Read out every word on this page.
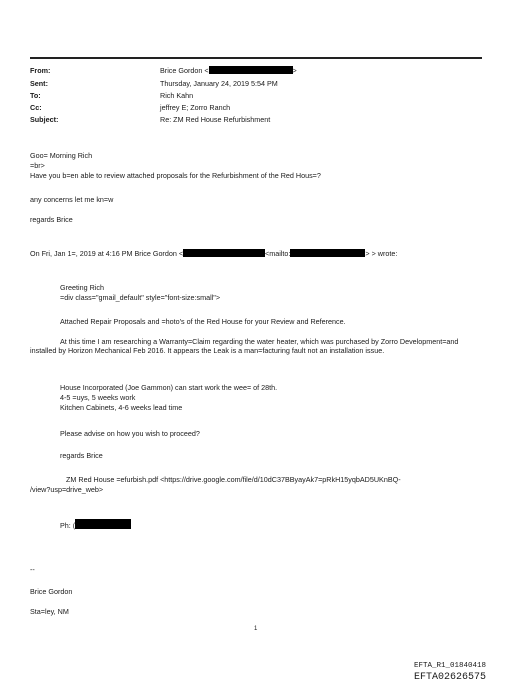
From:	Brice Gordon <	>
Sent:	Thursday, January 24, 2019 5:54 PM
To:	Rich Kahn
Cc:	jeffrey E; Zorro Ranch
Subject:	Re: ZM Red House Refurbishment
Goo= Morning Rich
=br>
Have you b=en able to review attached proposals for the Refurbishment of the Red Hous=?
any concerns let me kn=w
regards Brice
On Fri, Jan 1=, 2019 at 4:16 PM Brice Gordon <	<mailto:	> > wrote:
Greeting Rich
=div class="gmail_default" style="font-size:small">
Attached Repair Proposals and =hoto's of the Red House for your Review and Reference.
At this time I am researching a Warranty=Claim regarding the water heater, which was purchased by Zorro Development=and installed by Horizon Mechanical Feb 2016. It appears the Leak is a man=facturing fault not an installation issue.
House Incorporated (Joe Gammon) can start work the wee= of 28th.
4-5 =uys, 5 weeks work
Kitchen Cabinets, 4-6 weeks lead time
Please advise on how you wish to proceed?
regards Brice
ZM Red House =efurbish.pdf <https://drive.google.com/file/d/10dC37BByayAk7=pRkH15yqbAD5UKnBQ-
/view?usp=drive_web>
Ph: (
--
Brice Gordon
Sta=ley, NM
1
EFTA_R1_01840418
EFTA02626575
